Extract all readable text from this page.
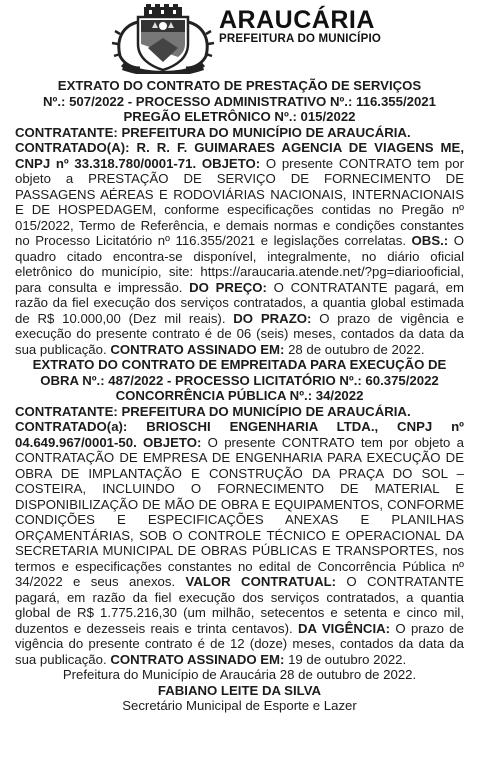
ARAUCÁRIA
PREFEITURA DO MUNICÍPIO
EXTRATO DO CONTRATO DE PRESTAÇÃO DE SERVIÇOS
Nº.: 507/2022 - PROCESSO ADMINISTRATIVO Nº.: 116.355/2021
PREGÃO ELETRÔNICO Nº.: 015/2022
CONTRATANTE: PREFEITURA DO MUNICÍPIO DE ARAUCÁRIA.

CONTRATADO(A): R. R. F. GUIMARAES AGENCIA DE VIAGENS ME, CNPJ nº 33.318.780/0001-71. OBJETO: O presente CONTRATO tem por objeto a PRESTAÇÃO DE SERVIÇO DE FORNECIMENTO DE PASSAGENS AÉREAS E RODOVIÁRIAS NACIONAIS, INTERNACIONAIS E DE HOSPEDAGEM, conforme especificações contidas no Pregão nº 015/2022, Termo de Referência, e demais normas e condições constantes no Processo Licitatório nº 116.355/2021 e legislações correlatas. OBS.: O quadro citado encontra-se disponível, integralmente, no diário oficial eletrônico do município, site: https://araucaria.atende.net/?pg=diariooficial, para consulta e impressão. DO PREÇO: O CONTRATANTE pagará, em razão da fiel execução dos serviços contratados, a quantia global estimada de R$ 10.000,00 (Dez mil reais). DO PRAZO: O prazo de vigência e execução do presente contrato é de 06 (seis) meses, contados da data da sua publicação. CONTRATO ASSINADO EM: 28 de outubro de 2022.

EXTRATO DO CONTRATO DE EMPREITADA PARA EXECUÇÃO DE
OBRA Nº.: 487/2022 - PROCESSO LICITATÓRIO Nº.: 60.375/2022
CONCORRÊNCIA PÚBLICA Nº.: 34/2022
CONTRATANTE: PREFEITURA DO MUNICÍPIO DE ARAUCÁRIA.

CONTRATADO(a): BRIOSCHI ENGENHARIA LTDA., CNPJ nº 04.649.967/0001-50. OBJETO: O presente CONTRATO tem por objeto a CONTRATAÇÃO DE EMPRESA DE ENGENHARIA PARA EXECUÇÃO DE OBRA DE IMPLANTAÇÃO E CONSTRUÇÃO DA PRAÇA DO SOL – COSTEIRA, INCLUINDO O FORNECIMENTO DE MATERIAL E DISPONIBILIZAÇÃO DE MÃO DE OBRA E EQUIPAMENTOS, CONFORME CONDIÇÕES E ESPECIFICAÇÕES ANEXAS E PLANILHAS ORÇAMENTÁRIAS, SOB O CONTROLE TÉCNICO E OPERACIONAL DA SECRETARIA MUNICIPAL DE OBRAS PÚBLICAS E TRANSPORTES, nos termos e especificações constantes no edital de Concorrência Pública nº 34/2022 e seus anexos. VALOR CONTRATUAL: O CONTRATANTE pagará, em razão da fiel execução dos serviços contratados, a quantia global de R$ 1.775.216,30 (um milhão, setecentos e setenta e cinco mil, duzentos e dezesseis reais e trinta centavos). DA VIGÊNCIA: O prazo de vigência do presente contrato é de 12 (doze) meses, contados da data da sua publicação. CONTRATO ASSINADO EM: 19 de outubro 2022.

Prefeitura do Município de Araucária 28 de outubro de 2022.
FABIANO LEITE DA SILVA
Secretário Municipal de Esporte e Lazer
